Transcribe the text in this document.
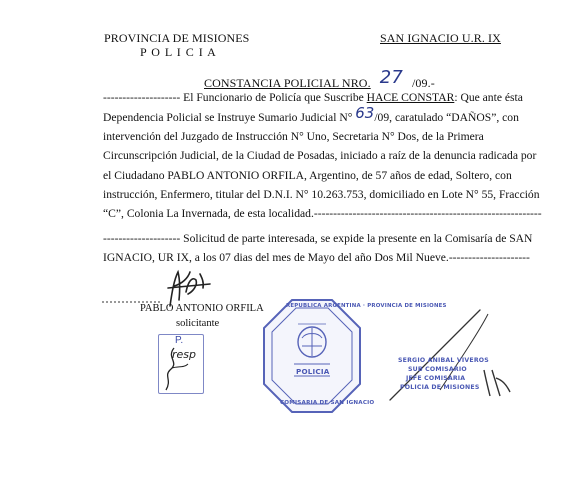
PROVINCIA DE MISIONES
P O L I C I A
SAN IGNACIO U.R. IX
CONSTANCIA POLICIAL NRO. 27 /09.-
-------------------- El Funcionario de Policía que Suscribe HACE CONSTAR: Que ante ésta
Dependencia Policial se Instruye Sumario Judicial N° 63/09, caratulado “DAÑOS”, con
intervención del Juzgado de Instrucción N° Uno, Secretaria N° Dos, de la Primera
Circunscripción Judicial, de la Ciudad de Posadas, iniciado a raíz de la denuncia radicada por
el Ciudadano PABLO ANTONIO ORFILA, Argentino, de 57 años de edad, Soltero, con
instrucción, Enfermero, titular del D.N.I. N° 10.263.753, domiciliado en Lote N° 55, Fracción
“C”, Colonia La Invernada, de esta localidad.-----------------------------------------------------------
-------------------- Solicitud de parte interesada, se expide la presente en la Comisaría de SAN
IGNACIO, UR IX, a los 07 dias del mes de Mayo del año Dos Mil Nueve.---------------------
PABLO ANTONIO ORFILA
solicitante
P.
resp
REPUBLICA ARGENTINA · PROVINCIA DE MISIONES
POLICIA
COMISARIA DE SAN IGNACIO
SERGIO ANIBAL VIVEROS
SUB COMISARIO
JEFE COMISARIA
POLICIA DE MISIONES
